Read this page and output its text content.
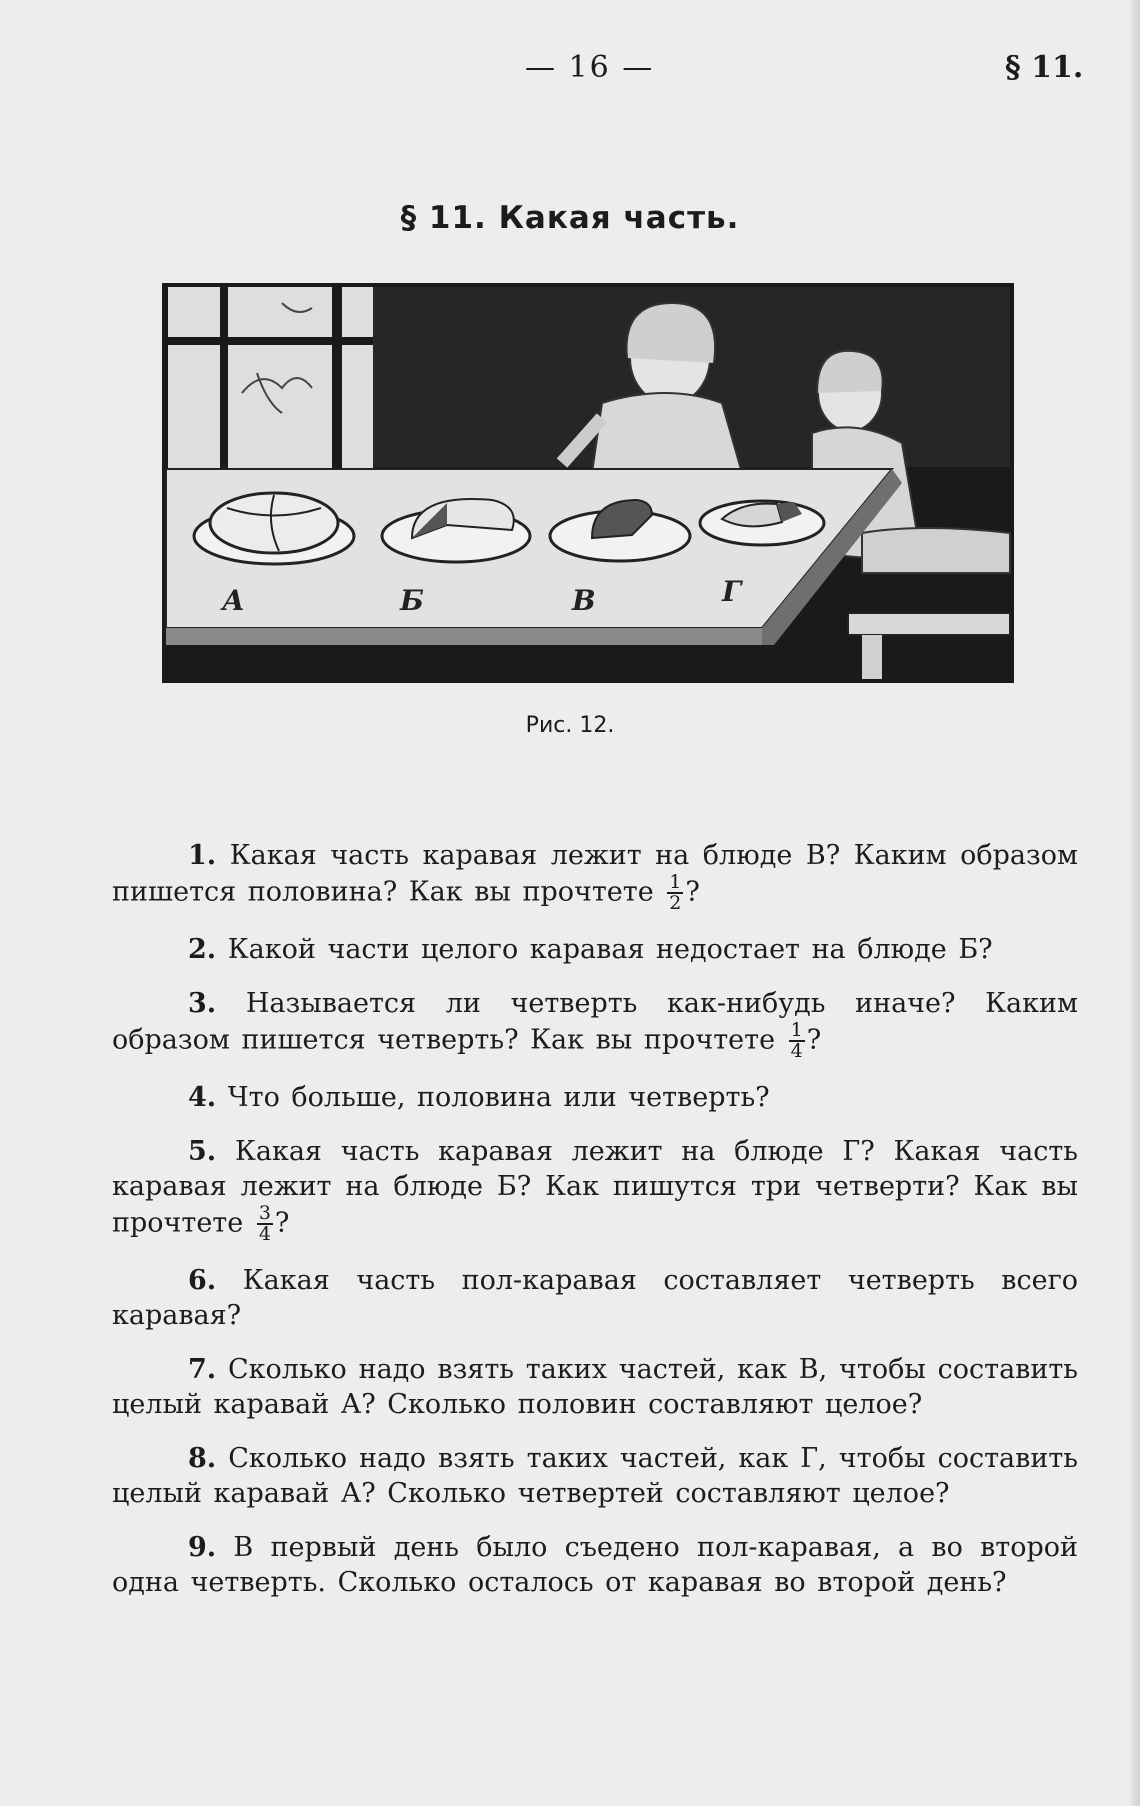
— 16 —	§ 11.
§ 11. Какая часть.
А	Б	В	Г
Рис. 12.

1. Какая часть каравая лежит на блюде В? Каким образом пишется половина? Как вы прочтете $\frac{1}{2}$ ?

2. Какой части целого каравая недостает на блюде Б?

3. Называется ли четверть как-нибудь иначе? Каким образом пишется четверть? Как вы прочтете $\frac{1}{4}$ ?

4. Что больше, половина или четверть?

5. Какая часть каравая лежит на блюде Г? Какая часть каравая лежит на блюде Б? Как пишутся три четверти? Как вы прочтете $\frac{3}{4}$ ?

6. Какая часть пол-каравая составляет четверть всего каравая?

7. Сколько надо взять таких частей, как В, чтобы составить целый каравай А? Сколько половин составляют целое?

8. Сколько надо взять таких частей, как Г, чтобы составить целый каравай А? Сколько четвертей составляют целое?

9. В первый день было съедено пол-каравая, а во второй одна четверть. Сколько осталось от каравая во второй день?
